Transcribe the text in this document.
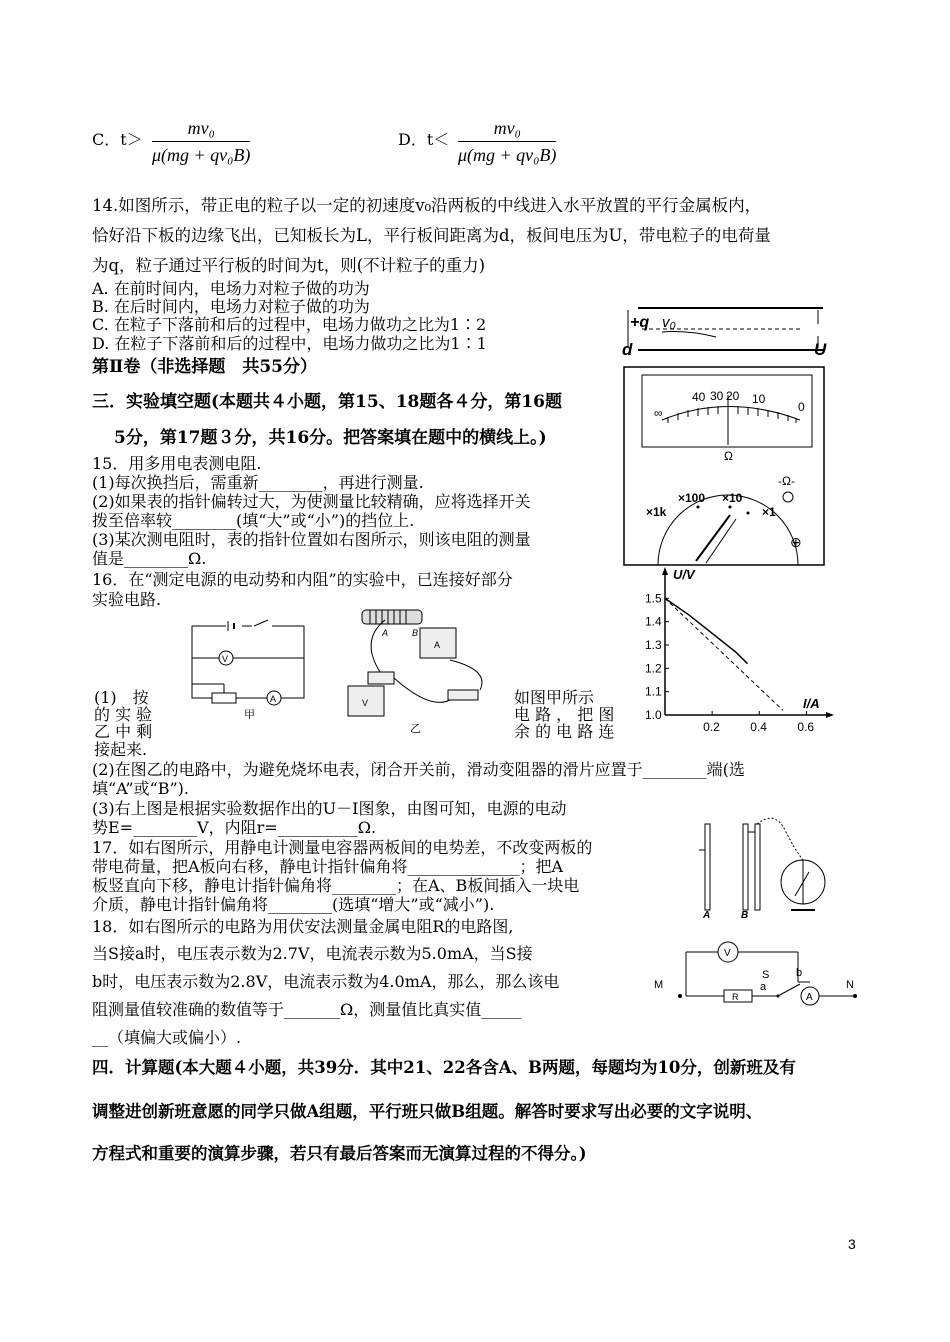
C．$t> \frac{\text{mv₀}}{\text{μ(mg + qv₀B)}}$	D．$t< \frac{\text{mv₀}}{\text{μ(mg + qv₀B)}}$
14.如图所示，带正电的粒子以一定的初速度v₀沿两板的中线进入水平放置的平行金属板内，
恰好沿下板的边缘飞出，已知板长为L，平行板间距离为d，板间电压为U，带电粒子的电荷量
为q，粒子通过平行板的时间为t，则(不计粒子的重力)
A. 在前时间内，电场力对粒子做的功为
B. 在后时间内，电场力对粒子做的功为
C. 在粒子下落前和后的过程中，电场力做功之比为1∶2
D. 在粒子下落前和后的过程中，电场力做功之比为1∶1
+q v₀
d	U
第Ⅱ卷（非选择题　共55分）
三．实验填空题(本题共４小题，第15、18题各４分，第16题
5分，第17题３分，共16分。把答案填在题中的横线上。)
15．用多用电表测电阻.
(1)每次换挡后，需重新________，再进行测量.
(2)如果表的指针偏转过大，为使测量比较精确，应将选择开关
拨至倍率较________(填“大”或“小”)的挡位上.
(3)某次测电阻时，表的指针位置如右图所示，则该电阻的测量
值是________Ω.
40 30 20 10
0
∞
Ω
-Ω-
×1k
×100 ×10
×1
⊕
16．在“测定电源的电动势和内阻”的实验中，已连接好部分
实验电路.
V
A
甲
A	B
A
V
乙
(1)　按
的 实 验
乙 中 剩
接起来.
如图甲所示
电 路 ， 把 图
余 的 电 路 连
(2)在图乙的电路中，为避免烧坏电表，闭合开关前，滑动变阻器的滑片应置于________端(选
填“A”或“B”).
(3)右上图是根据实验数据作出的U－I图象，由图可知，电源的电动
势E=________V，内阻r=__________Ω.
U/V
I/A
1.0
1.1
1.2
1.3
1.4
1.5
0.2	0.4	0.6
17．如右图所示，用静电计测量电容器两板间的电势差，不改变两板的
带电荷量，把A板向右移，静电计指针偏角将______________；把A
板竖直向下移，静电计指针偏角将________；在A、B板间插入一块电
介质，静电计指针偏角将________(选填“增大”或“减小”).
A	B
18．如右图所示的电路为用伏安法测量金属电阻R的电路图,
当S接a时，电压表示数为2.7V，电流表示数为5.0mA，当S接
b时，电压表示数为2.8V，电流表示数为4.0mA，那么，那么该电
阻测量值较准确的数值等于_______Ω，测量值比真实值_____
__（填偏大或偏小）.
R	A
V
S
a
b
M	N
四．计算题(本大题４小题，共39分．其中21、22各含A、B两题，每题均为10分，创新班及有
调整进创新班意愿的同学只做A组题，平行班只做B组题。解答时要求写出必要的文字说明、
方程式和重要的演算步骤，若只有最后答案而无演算过程的不得分。)
3
